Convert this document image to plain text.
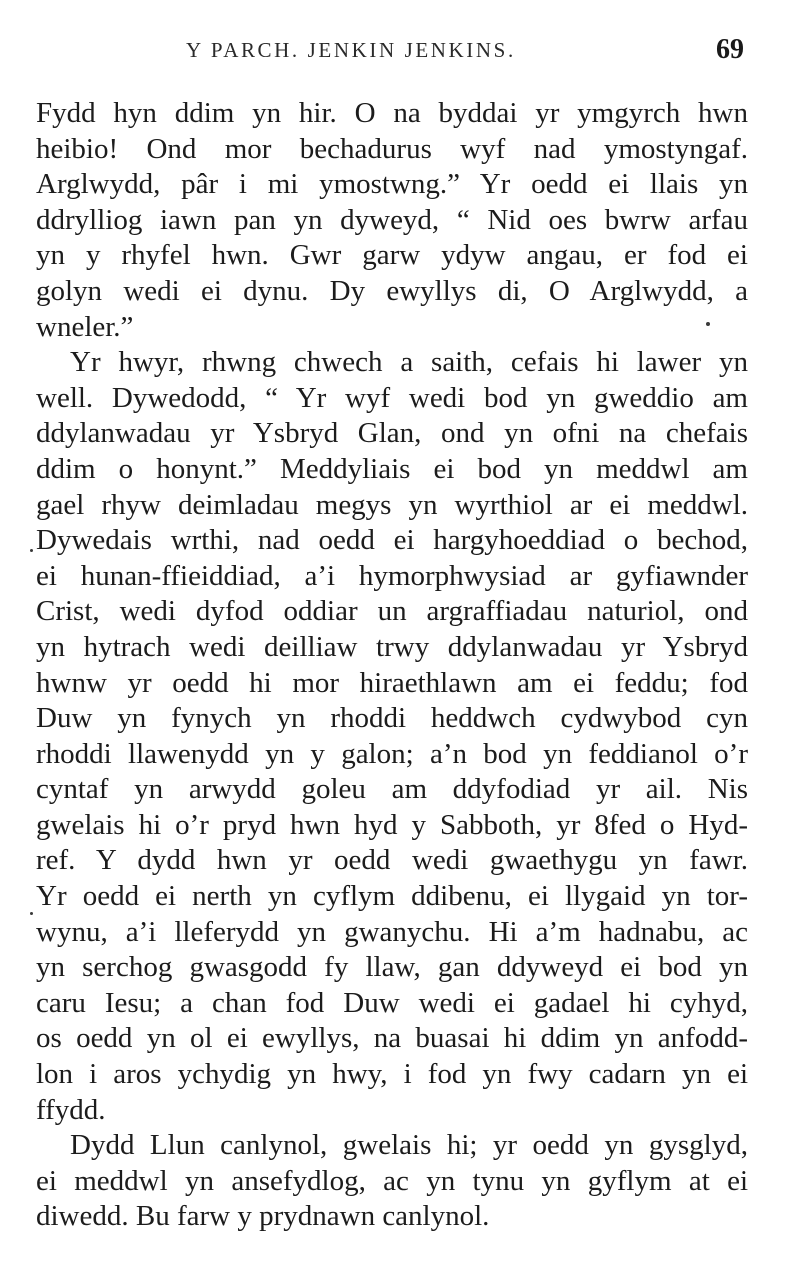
Y PARCH. JENKIN JENKINS.	69
Fydd hyn ddim yn hir. O na byddai yr ymgyrch hwn
heibio! Ond mor bechadurus wyf nad ymostyngaf.
Arglwydd, pâr i mi ymostwng.” Yr oedd ei llais yn
ddrylliog iawn pan yn dyweyd, “ Nid oes bwrw arfau
yn y rhyfel hwn. Gwr garw ydyw angau, er fod ei
golyn wedi ei dynu. Dy ewyllys di, O Arglwydd, a
wneler.”
Yr hwyr, rhwng chwech a saith, cefais hi lawer yn
well. Dywedodd, “ Yr wyf wedi bod yn gweddio am
ddylanwadau yr Ysbryd Glan, ond yn ofni na chefais
ddim o honynt.” Meddyliais ei bod yn meddwl am
gael rhyw deimladau megys yn wyrthiol ar ei meddwl.
Dywedais wrthi, nad oedd ei hargyhoeddiad o bechod,
ei hunan-ffieiddiad, a’i hymorphwysiad ar gyfiawnder
Crist, wedi dyfod oddiar un argraffiadau naturiol, ond
yn hytrach wedi deilliaw trwy ddylanwadau yr Ysbryd
hwnw yr oedd hi mor hiraethlawn am ei feddu; fod
Duw yn fynych yn rhoddi heddwch cydwybod cyn
rhoddi llawenydd yn y galon; a’n bod yn feddianol o’r
cyntaf yn arwydd goleu am ddyfodiad yr ail. Nis
gwelais hi o’r pryd hwn hyd y Sabboth, yr 8fed o Hyd-
ref. Y dydd hwn yr oedd wedi gwaethygu yn fawr.
Yr oedd ei nerth yn cyflym ddibenu, ei llygaid yn tor-
wynu, a’i lleferydd yn gwanychu. Hi a’m hadnabu, ac
yn serchog gwasgodd fy llaw, gan ddyweyd ei bod yn
caru Iesu; a chan fod Duw wedi ei gadael hi cyhyd,
os oedd yn ol ei ewyllys, na buasai hi ddim yn anfodd-
lon i aros ychydig yn hwy, i fod yn fwy cadarn yn ei
ffydd.
Dydd Llun canlynol, gwelais hi; yr oedd yn gysglyd,
ei meddwl yn ansefydlog, ac yn tynu yn gyflym at ei
diwedd. Bu farw y prydnawn canlynol.
